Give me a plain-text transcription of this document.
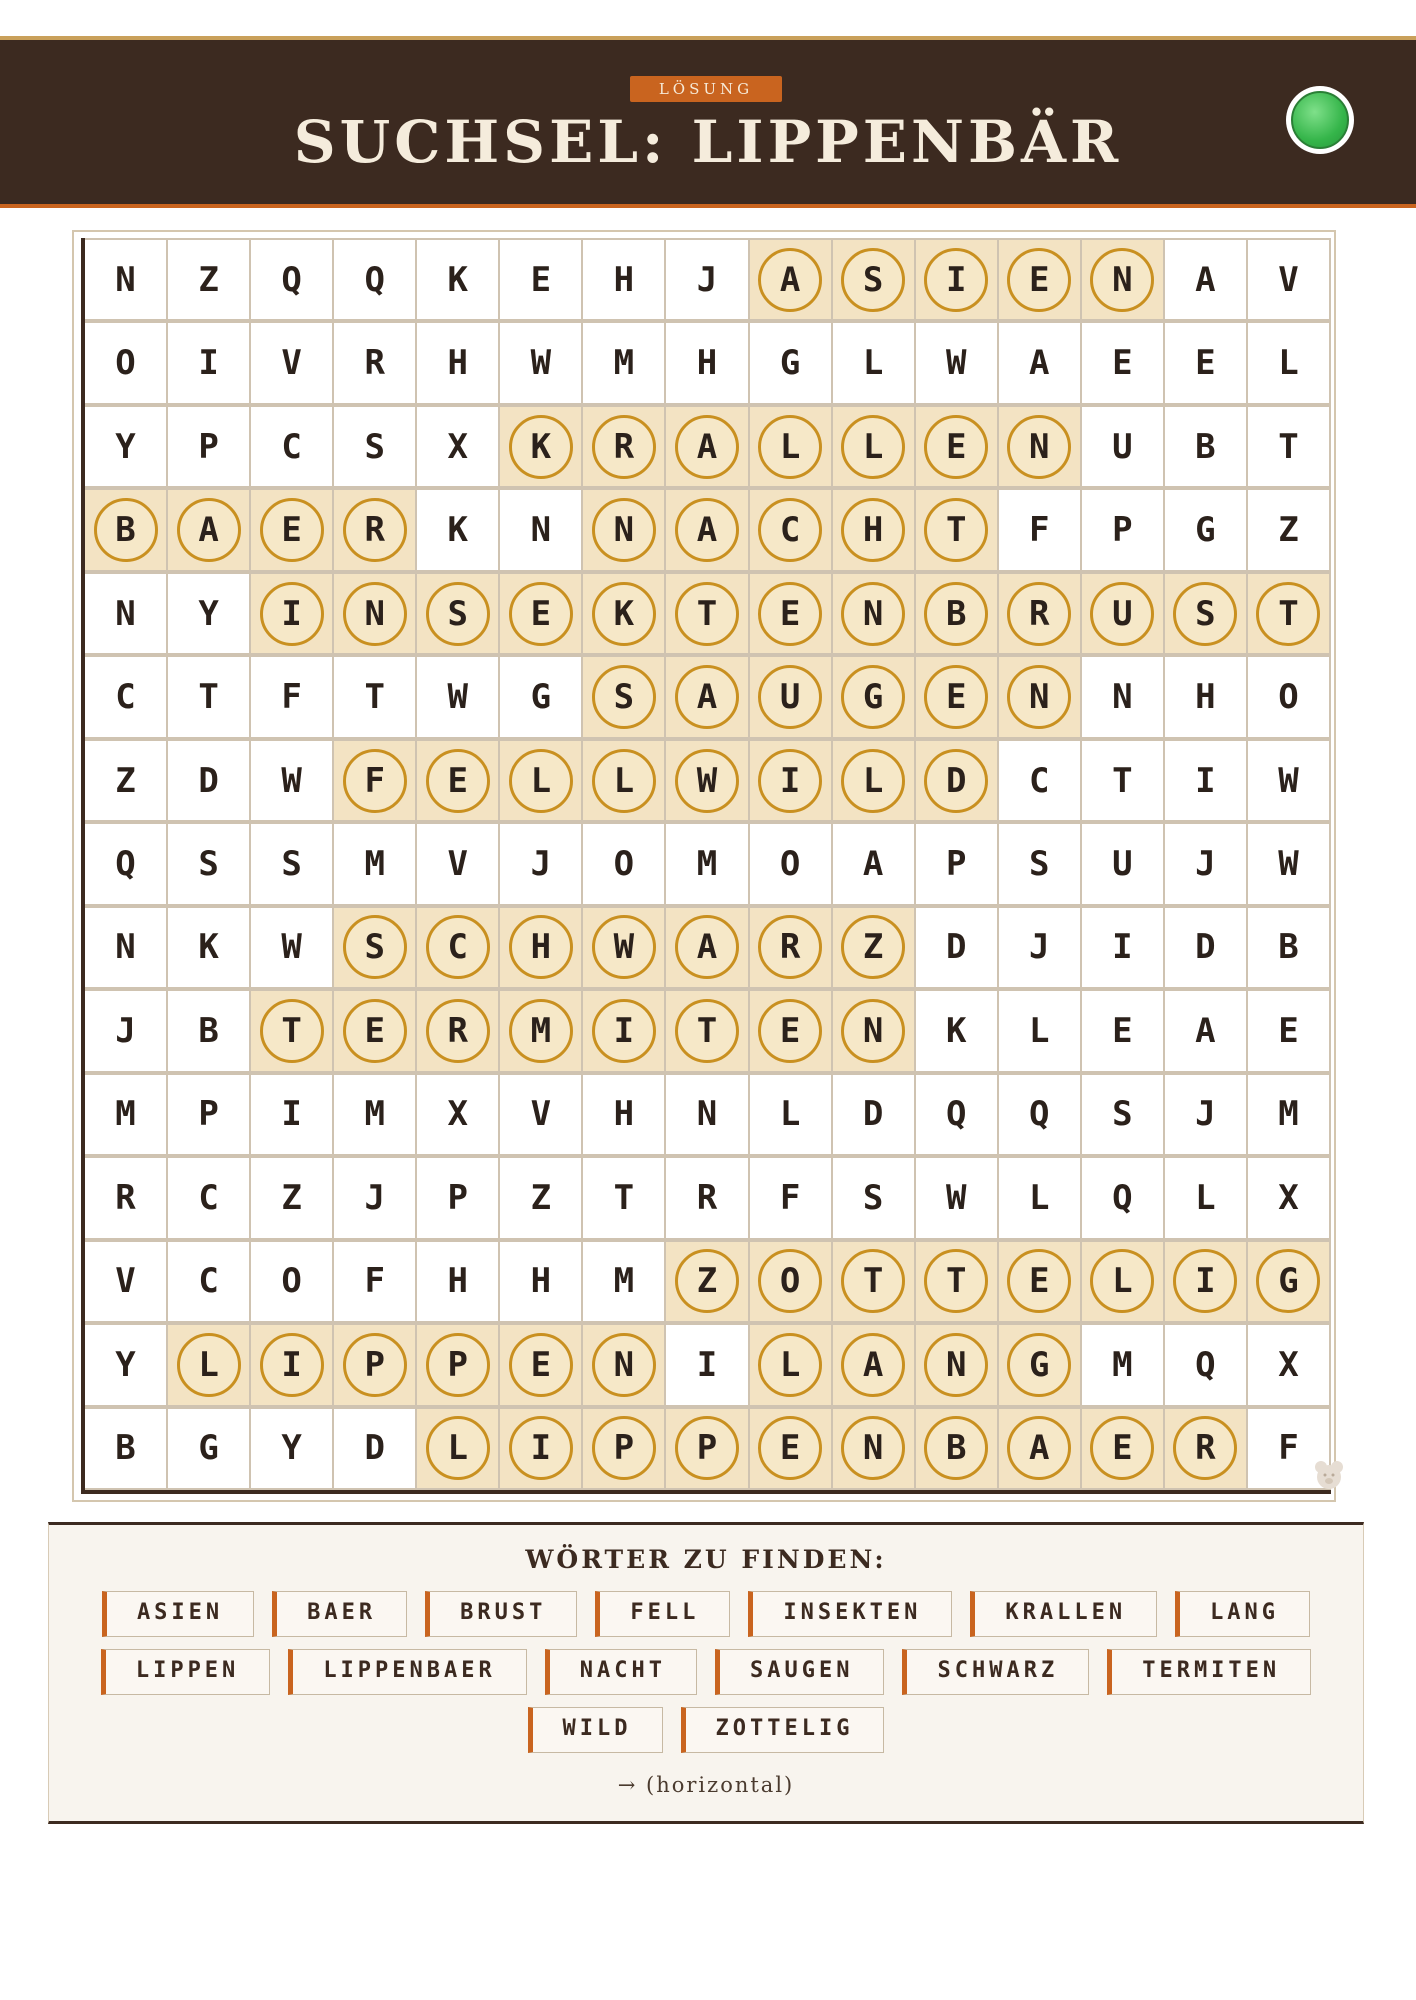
LÖSUNG
SUCHSEL: LIPPENBÄR
N Z Q Q K E H J A S I E N A V
O I V R H W M H G L W A E E L
Y P C S X K R A L L E N U B T
B A E R K N N A C H T F P G Z
N Y I N S E K T E N B R U S T
C T F T W G S A U G E N N H O
Z D W F E L L W I L D C T I W
Q S S M V J O M O A P S U J W
N K W S C H W A R Z D J I D B
J B T E R M I T E N K L E A E
M P I M X V H N L D Q Q S J M
R C Z J P Z T R F S W L Q L X
V C O F H H M Z O T T E L I G
Y L I P P E N I L A N G M Q X
B G Y D L I P P E N B A E R F
WÖRTER ZU FINDEN:
ASIEN	BAER	BRUST	FELL	INSEKTEN	KRALLEN	LANG
LIPPEN	LIPPENBAER	NACHT	SAUGEN	SCHWARZ	TERMITEN
WILD	ZOTTELIG
→ (horizontal)
